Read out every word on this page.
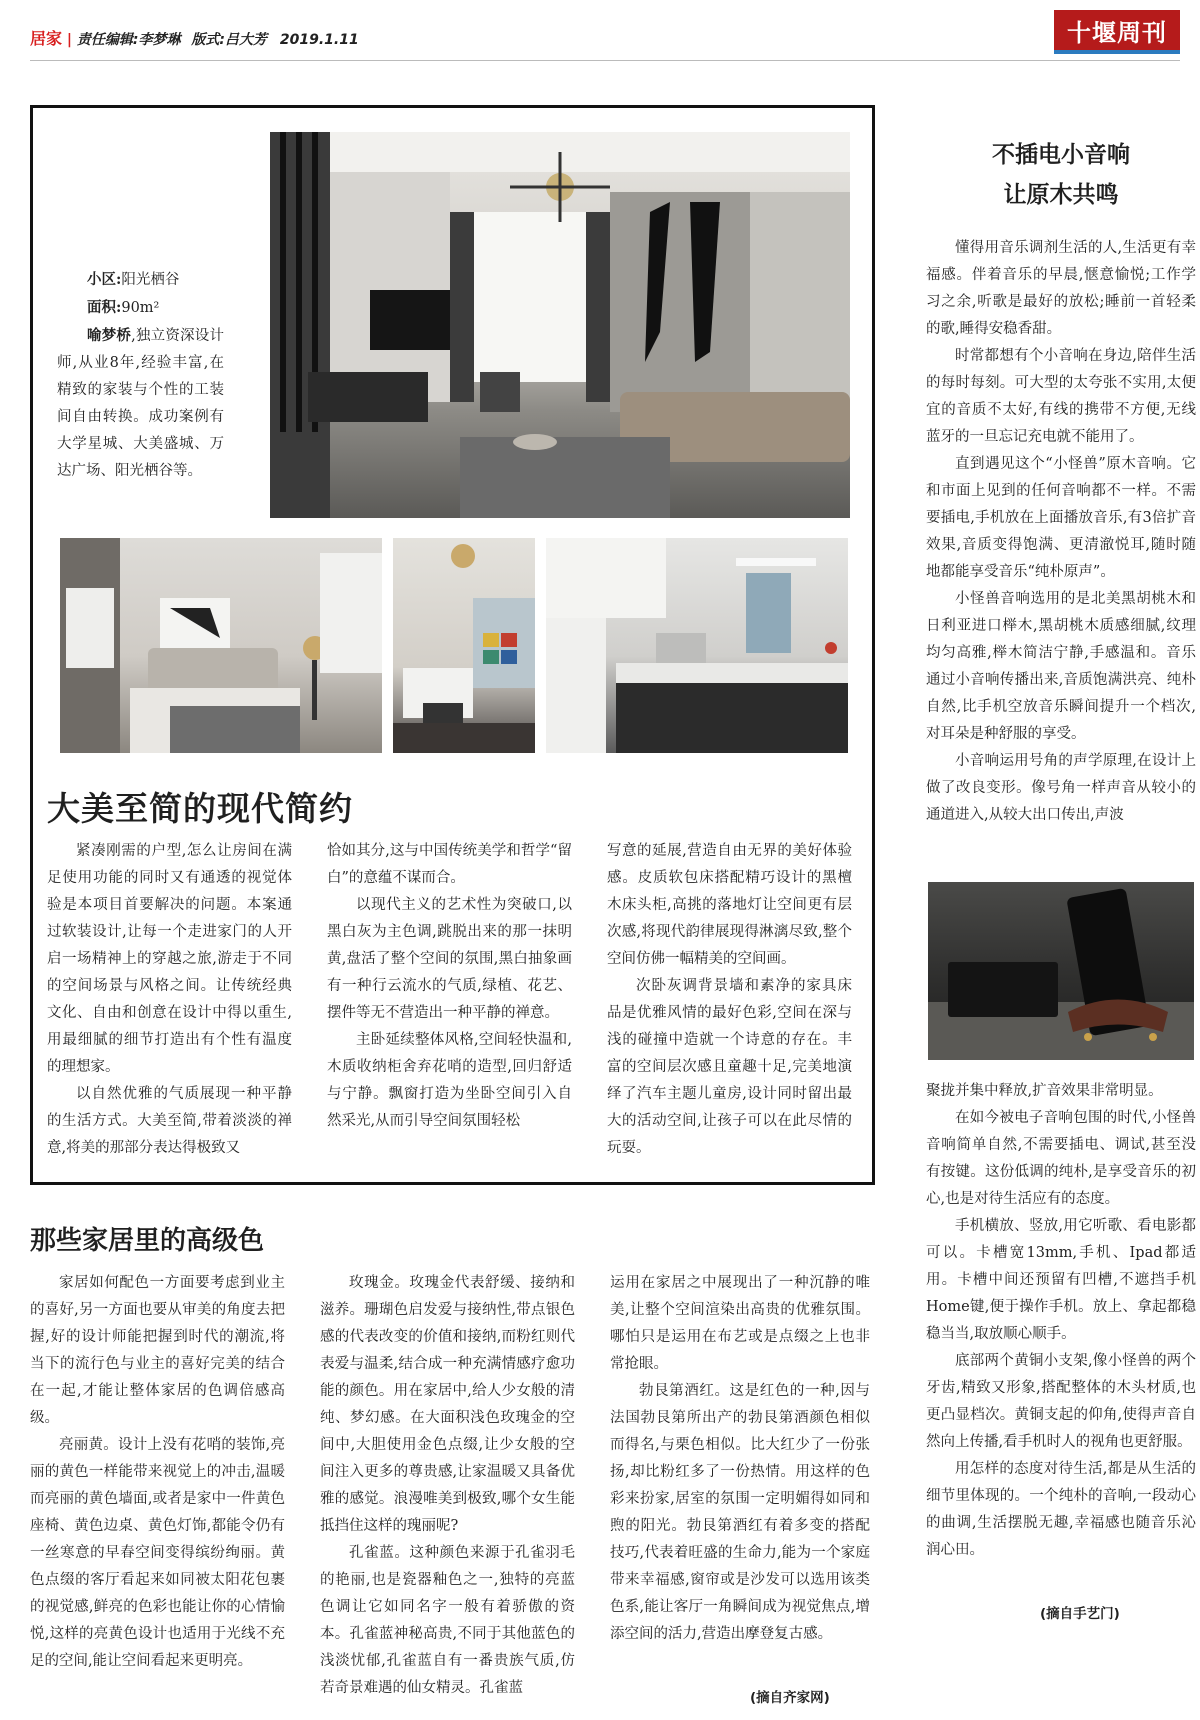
居家 | 责任编辑:李梦琳 版式:吕大芳 2019.1.11	十堰周刊
小区:阳光栖谷
面积:90m²
喻梦桥,独立资深设计师,从业8年,经验丰富,在精致的家装与个性的工装间自由转换。成功案例有大学星城、大美盛城、万达广场、阳光栖谷等。
大美至简的现代简约

紧凑刚需的户型,怎么让房间在满足使用功能的同时又有通透的视觉体验是本项目首要解决的问题。本案通过软装设计,让每一个走进家门的人开启一场精神上的穿越之旅,游走于不同的空间场景与风格之间。让传统经典文化、自由和创意在设计中得以重生,用最细腻的细节打造出有个性有温度的理想家。

以自然优雅的气质展现一种平静的生活方式。大美至简,带着淡淡的禅意,将美的那部分表达得极致又

恰如其分,这与中国传统美学和哲学“留白”的意蕴不谋而合。

以现代主义的艺术性为突破口,以黑白灰为主色调,跳脱出来的那一抹明黄,盘活了整个空间的氛围,黑白抽象画有一种行云流水的气质,绿植、花艺、摆件等无不营造出一种平静的禅意。

主卧延续整体风格,空间轻快温和,木质收纳柜舍弃花哨的造型,回归舒适与宁静。飘窗打造为坐卧空间引入自然采光,从而引导空间氛围轻松

写意的延展,营造自由无界的美好体验感。皮质软包床搭配精巧设计的黑檀木床头柜,高挑的落地灯让空间更有层次感,将现代韵律展现得淋漓尽致,整个空间仿佛一幅精美的空间画。

次卧灰调背景墙和素净的家具床品是优雅风情的最好色彩,空间在深与浅的碰撞中造就一个诗意的存在。丰富的空间层次感且童趣十足,完美地演绎了汽车主题儿童房,设计同时留出最大的活动空间,让孩子可以在此尽情的玩耍。

那些家居里的高级色

家居如何配色一方面要考虑到业主的喜好,另一方面也要从审美的角度去把握,好的设计师能把握到时代的潮流,将当下的流行色与业主的喜好完美的结合在一起,才能让整体家居的色调倍感高级。

亮丽黄。设计上没有花哨的装饰,亮丽的黄色一样能带来视觉上的冲击,温暖而亮丽的黄色墙面,或者是家中一件黄色座椅、黄色边桌、黄色灯饰,都能令仍有一丝寒意的早春空间变得缤纷绚丽。黄色点缀的客厅看起来如同被太阳花包裹的视觉感,鲜亮的色彩也能让你的心情愉悦,这样的亮黄色设计也适用于光线不充足的空间,能让空间看起来更明亮。

玫瑰金。玫瑰金代表舒缓、接纳和滋养。珊瑚色启发爱与接纳性,带点银色感的代表改变的价值和接纳,而粉红则代表爱与温柔,结合成一种充满情感疗愈功能的颜色。用在家居中,给人少女般的清纯、梦幻感。在大面积浅色玫瑰金的空间中,大胆使用金色点缀,让少女般的空间注入更多的尊贵感,让家温暖又具备优雅的感觉。浪漫唯美到极致,哪个女生能抵挡住这样的瑰丽呢?

孔雀蓝。这种颜色来源于孔雀羽毛的艳丽,也是瓷器釉色之一,独特的亮蓝色调让它如同名字一般有着骄傲的资本。孔雀蓝神秘高贵,不同于其他蓝色的浅淡忧郁,孔雀蓝自有一番贵族气质,仿若奇景难遇的仙女精灵。孔雀蓝

运用在家居之中展现出了一种沉静的唯美,让整个空间渲染出高贵的优雅氛围。哪怕只是运用在布艺或是点缀之上也非常抢眼。

勃艮第酒红。这是红色的一种,因与法国勃艮第所出产的勃艮第酒颜色相似而得名,与栗色相似。比大红少了一份张扬,却比粉红多了一份热情。用这样的色彩来扮家,居室的氛围一定明媚得如同和煦的阳光。勃艮第酒红有着多变的搭配技巧,代表着旺盛的生命力,能为一个家庭带来幸福感,窗帘或是沙发可以选用该类色系,能让客厅一角瞬间成为视觉焦点,增添空间的活力,营造出摩登复古感。

(摘自齐家网)
不插电小音响
让原木共鸣

懂得用音乐调剂生活的人,生活更有幸福感。伴着音乐的早晨,惬意愉悦;工作学习之余,听歌是最好的放松;睡前一首轻柔的歌,睡得安稳香甜。

时常都想有个小音响在身边,陪伴生活的每时每刻。可大型的太夸张不实用,太便宜的音质不太好,有线的携带不方便,无线蓝牙的一旦忘记充电就不能用了。

直到遇见这个“小怪兽”原木音响。它和市面上见到的任何音响都不一样。不需要插电,手机放在上面播放音乐,有3倍扩音效果,音质变得饱满、更清澈悦耳,随时随地都能享受音乐“纯朴原声”。

小怪兽音响选用的是北美黑胡桃木和日利亚进口榉木,黑胡桃木质感细腻,纹理均匀高雅,榉木简洁宁静,手感温和。音乐通过小音响传播出来,音质饱满洪亮、纯朴自然,比手机空放音乐瞬间提升一个档次,对耳朵是种舒服的享受。

小音响运用号角的声学原理,在设计上做了改良变形。像号角一样声音从较小的通道进入,从较大出口传出,声波

聚拢并集中释放,扩音效果非常明显。

在如今被电子音响包围的时代,小怪兽音响简单自然,不需要插电、调试,甚至没有按键。这份低调的纯朴,是享受音乐的初心,也是对待生活应有的态度。

手机横放、竖放,用它听歌、看电影都可以。卡槽宽13mm,手机、Ipad都适用。卡槽中间还预留有凹槽,不遮挡手机Home键,便于操作手机。放上、拿起都稳稳当当,取放顺心顺手。

底部两个黄铜小支架,像小怪兽的两个牙齿,精致又形象,搭配整体的木头材质,也更凸显档次。黄铜支起的仰角,使得声音自然向上传播,看手机时人的视角也更舒服。

用怎样的态度对待生活,都是从生活的细节里体现的。一个纯朴的音响,一段动心的曲调,生活摆脱无趣,幸福感也随音乐沁润心田。

(摘自手艺门)
